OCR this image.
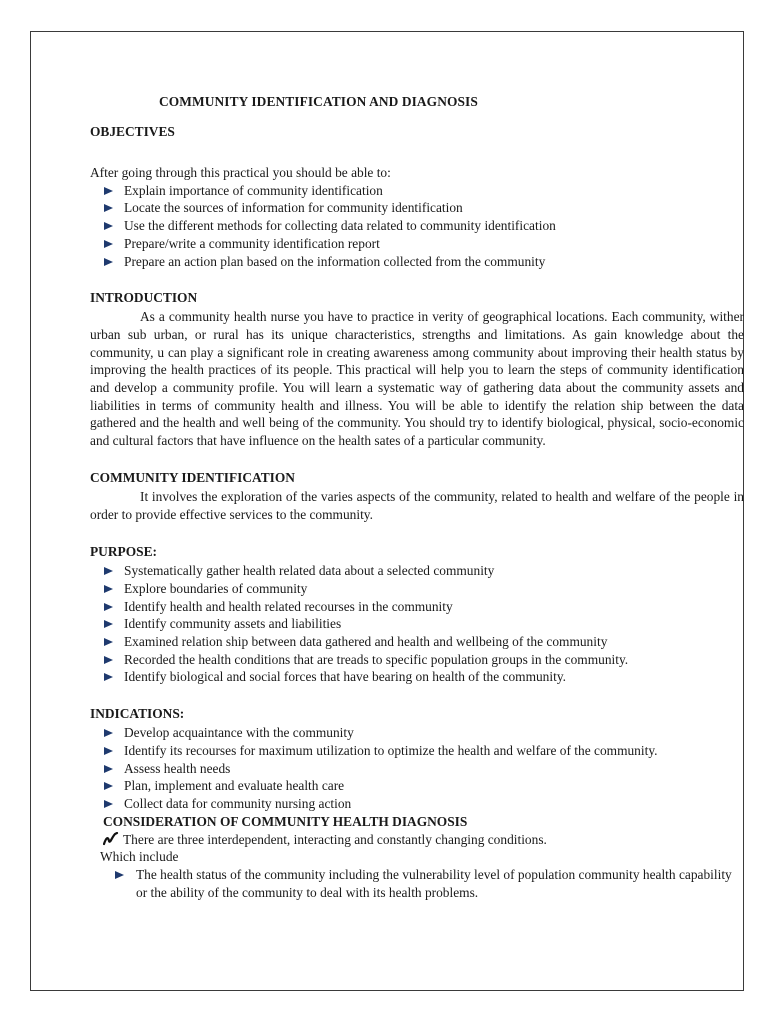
COMMUNITY IDENTIFICATION AND DIAGNOSIS
OBJECTIVES

After going through this practical you should be able to:

Explain importance of community identification
Locate the sources of information for community identification
Use the different methods for collecting data related to community identification
Prepare/write a community identification report
Prepare an action plan based on the information collected from the community
INTRODUCTION

As a community health nurse you have to practice in verity of geographical locations. Each community, wither urban sub urban, or rural has its unique characteristics, strengths and limitations. As gain knowledge about the community, u can play a significant role in creating awareness among community about improving their health status by improving the health practices of its people. This practical will help you to learn the steps of community identification and develop a community profile. You will learn a systematic way of gathering data about the community assets and liabilities in terms of community health and illness. You will be able to identify the relation ship between the data gathered and the health and well being of the community. You should try to identify biological, physical, socio-economic and cultural factors that have influence on the health sates of a particular community.

COMMUNITY IDENTIFICATION

It involves the exploration of the varies aspects of the community, related to health and welfare of the people in order to provide effective services to the community.

PURPOSE:
Systematically gather health related data about a selected community
Explore boundaries of community
Identify health and health related recourses in the community
Identify community assets and liabilities
Examined relation ship between data gathered and health and wellbeing of the community
Recorded the health conditions that are treads to specific population groups in the community.
Identify biological and social forces that have bearing on health of the community.
INDICATIONS:
Develop acquaintance with the community
Identify its recourses for maximum utilization to optimize the health and welfare of the community.
Assess health needs
Plan, implement and evaluate health care
Collect data for community nursing action
CONSIDERATION OF COMMUNITY HEALTH DIAGNOSIS
There are three interdependent, interacting and constantly changing conditions.
Which include
The health status of the community including the vulnerability level of population community health capability or the ability of the community to deal with its health problems.
